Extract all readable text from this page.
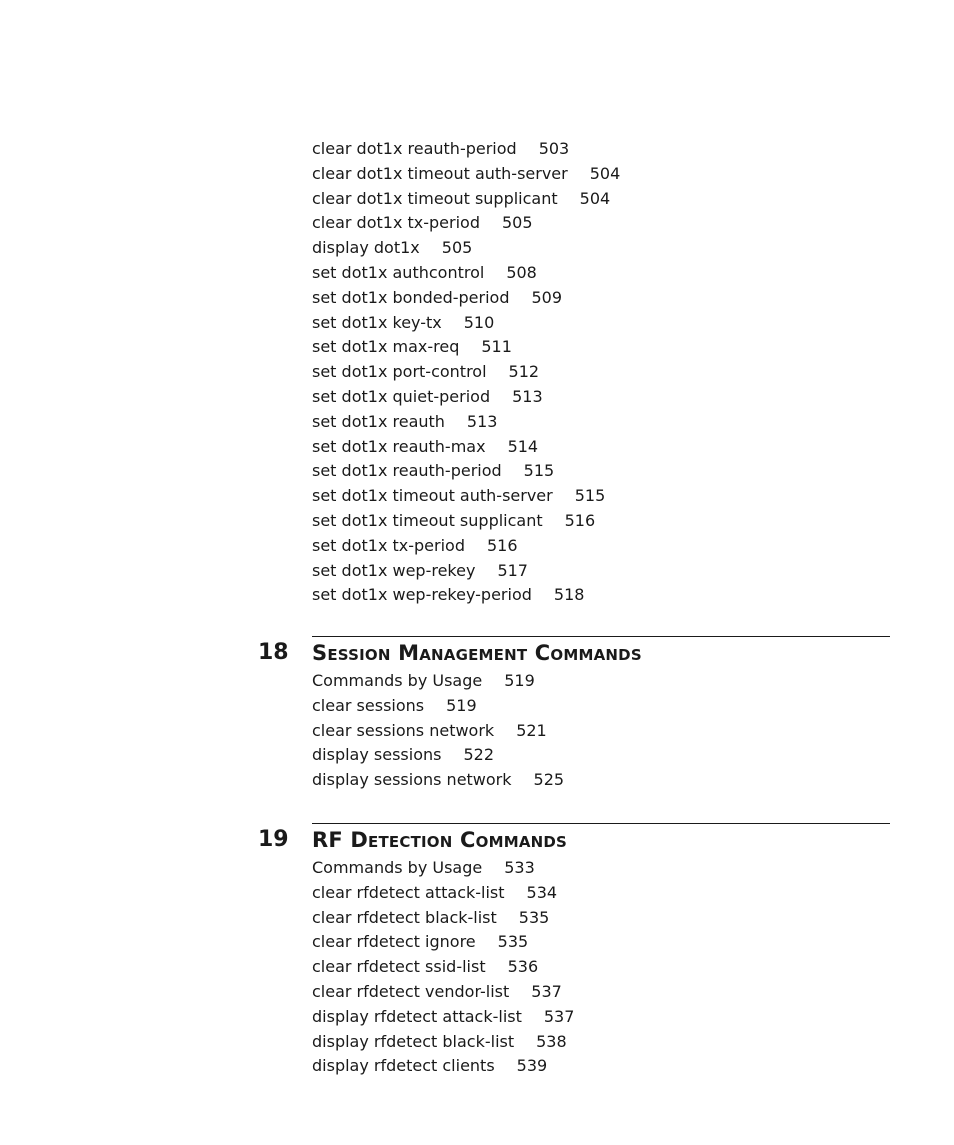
clear dot1x reauth-period 503
clear dot1x timeout auth-server 504
clear dot1x timeout supplicant 504
clear dot1x tx-period 505
display dot1x 505
set dot1x authcontrol 508
set dot1x bonded-period 509
set dot1x key-tx 510
set dot1x max-req 511
set dot1x port-control 512
set dot1x quiet-period 513
set dot1x reauth 513
set dot1x reauth-max 514
set dot1x reauth-period 515
set dot1x timeout auth-server 515
set dot1x timeout supplicant 516
set dot1x tx-period 516
set dot1x wep-rekey 517
set dot1x wep-rekey-period 518
18 Session Management Commands
Commands by Usage 519
clear sessions 519
clear sessions network 521
display sessions 522
display sessions network 525
19 RF Detection Commands
Commands by Usage 533
clear rfdetect attack-list 534
clear rfdetect black-list 535
clear rfdetect ignore 535
clear rfdetect ssid-list 536
clear rfdetect vendor-list 537
display rfdetect attack-list 537
display rfdetect black-list 538
display rfdetect clients 539
